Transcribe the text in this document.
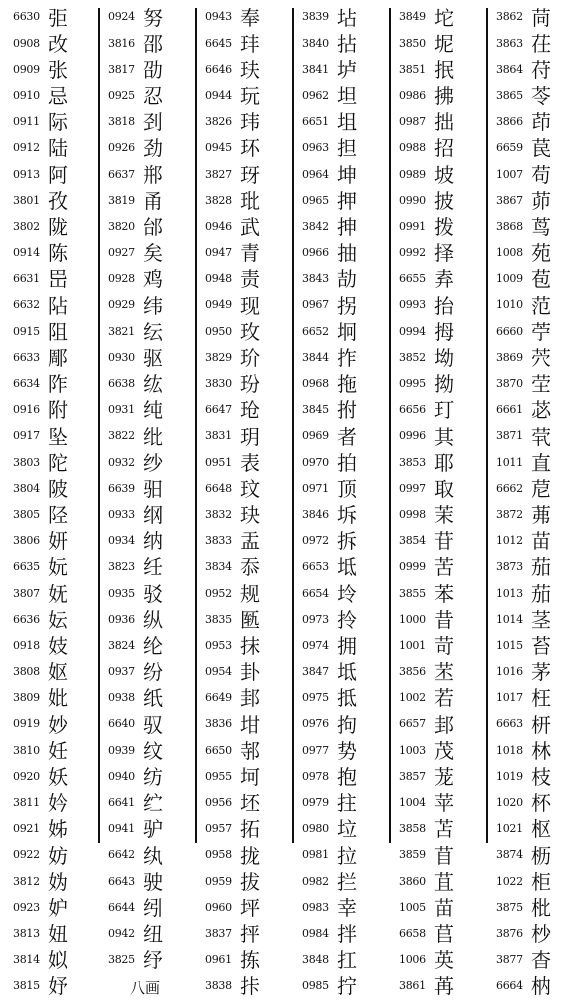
6630 弡
0908 改
0909 张
0910 忌
0911 际
0912 陆
0913 阿
3801 孜
3802 陇
0914 陈
6631 岊
6632 阽
0915 阻
6633 郮
6634 阼
0916 附
0917 坠
3803 陀
3804 陂
3805 陉
3806 妍
6635 妧
3807 妩
6636 妘
0918 妓
3808 妪
3809 妣
0919 妙
3810 妊
0920 妖
3811 妗
0921 姊
0922 妨
3812 妫
0923 妒
3813 妞
3814 姒
3815 妤
0924 努
3816 邵
3817 劭
0925 忍
3818 刭
0926 劲
6637 郱
3819 甬
3820 邰
0927 矣
0928 鸡
0929 纬
3821 纭
0930 驱
6638 纮
0931 纯
3822 纰
0932 纱
6639 驲
0933 纲
0934 纳
3823 纴
0935 驳
0936 纵
3824 纶
0937 纷
0938 纸
6640 驭
0939 纹
0940 纺
6641 纻
0941 驴
6642 纨
6643 驶
6644 纼
0942 纽
3825 纾
八画
0943 奉
6645 玤
6646 玞
0944 玩
3826 玮
0945 环
3827 玡
3828 玭
0946 武
0947 青
0948 责
0949 现
0950 玫
3829 玠
3830 玢
6647 玱
3831 玥
0951 表
6648 玟
3832 玦
3833 盂
3834 忝
0952 规
3835 匦
0953 抹
0954 卦
6649 邽
3836 坩
6650 邿
0955 坷
0956 坯
0957 拓
0958 拢
0959 拔
0960 坪
3837 抨
0961 拣
3838 拤
3839 坫
3840 拈
3841 垆
0962 坦
6651 坥
0963 担
0964 坤
0965 押
3842 抻
0966 抽
3843 劼
0967 拐
6652 坰
3844 拃
0968 拖
3845 拊
0969 者
0970 拍
0971 顶
3846 坼
0972 拆
6653 坻
6654 坽
0973 拎
0974 拥
3847 坻
0975 抵
0976 拘
0977 势
0978 抱
0979 拄
0980 垃
0981 拉
0982 拦
0983 幸
0984 拌
3848 扛
0985 拧
3849 坨
3850 坭
3851 抿
0986 拂
0987 拙
0988 招
0989 坡
0990 披
0991 拨
0992 择
6655 弆
0993 抬
0994 拇
3852 坳
0995 拗
6656 玎
0996 其
3853 耶
0997 取
0998 茉
3854 苷
0999 苦
3855 苯
1000 昔
1001 苛
3856 苤
1002 若
6657 邽
1003 茂
3857 茏
1004 苹
3858 苫
3859 苜
3860 苴
1005 苗
6658 苢
1006 英
3861 苒
3862 苘
3863 茌
3864 苻
3865 苓
3866 茚
6659 苠
1007 苟
3867 茆
3868 茑
1008 苑
1009 苞
1010 范
6660 苧
3869 茓
3870 茔
6661 苾
3871 茕
1011 直
6662 苨
3872 茀
1012 苗
3873 茄
1013 茄
1014 茎
1015 苔
1016 茅
1017 枉
6663 枅
1018 林
1019 枝
1020 杯
1021 枢
3874 枥
1022 柜
3875 枇
3876 杪
3877 杳
6664 枘
